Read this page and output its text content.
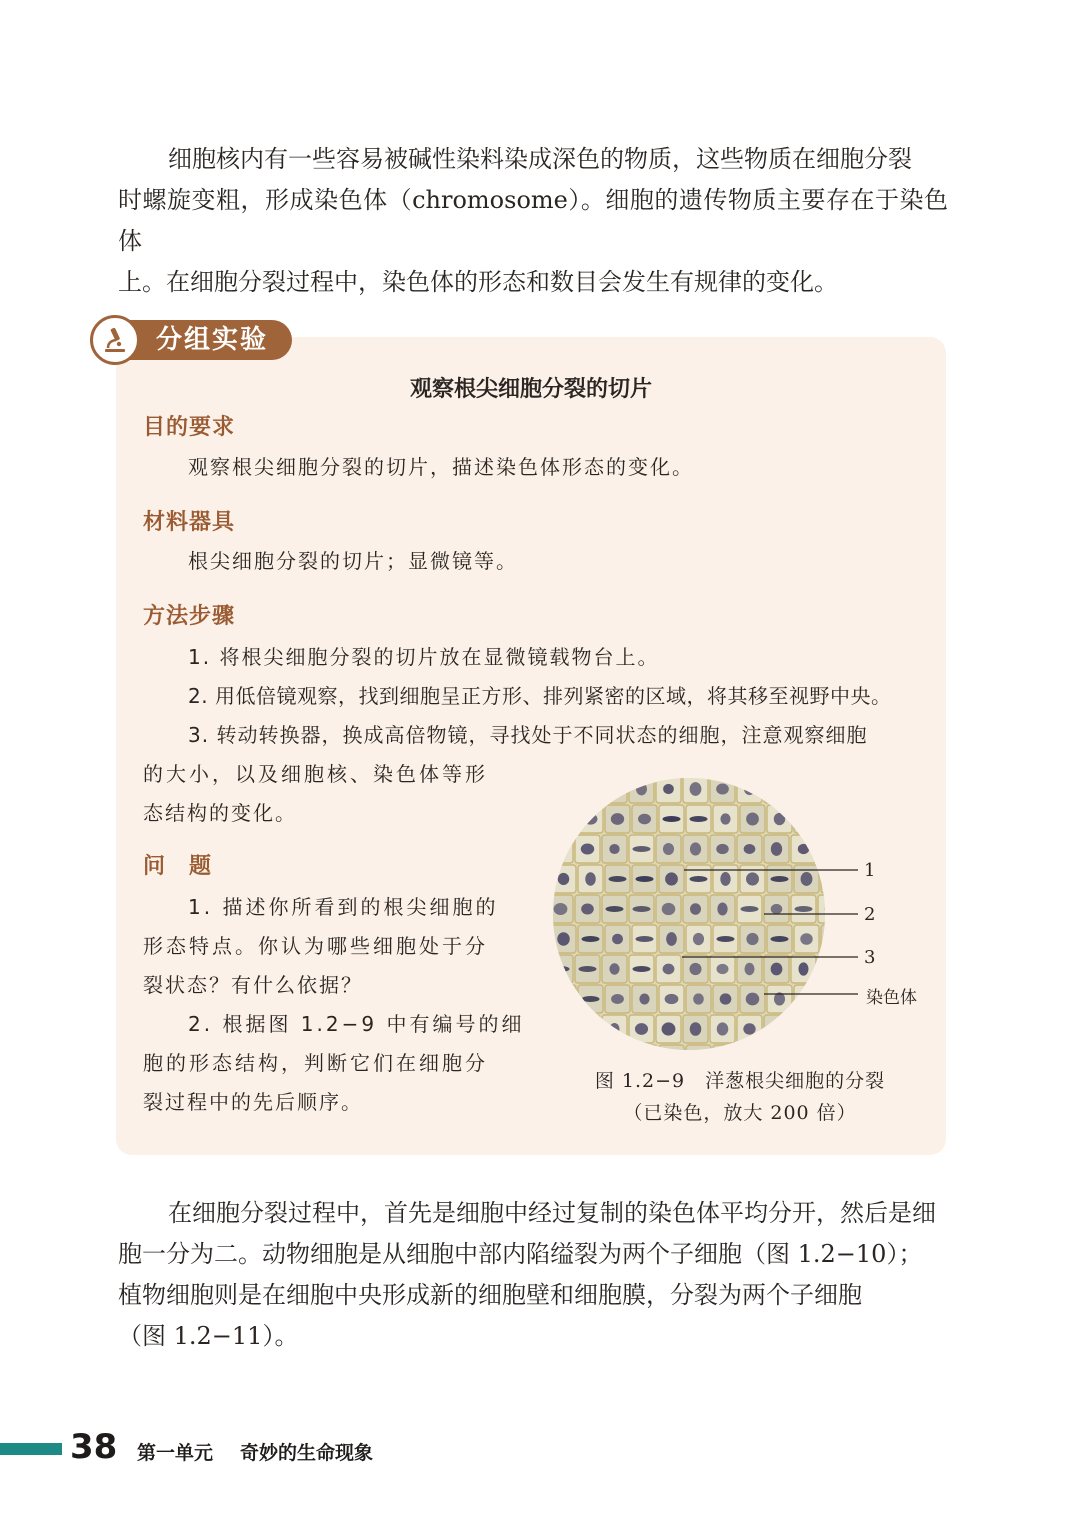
细胞核内有一些容易被碱性染料染成深色的物质，这些物质在细胞分裂
时螺旋变粗，形成染色体（chromosome）。细胞的遗传物质主要存在于染色体
上。在细胞分裂过程中，染色体的形态和数目会发生有规律的变化。
分组实验

观察根尖细胞分裂的切片

目的要求

观察根尖细胞分裂的切片，描述染色体形态的变化。

材料器具

根尖细胞分裂的切片；显微镜等。

方法步骤

1. 将根尖细胞分裂的切片放在显微镜载物台上。

2. 用低倍镜观察，找到细胞呈正方形、排列紧密的区域，将其移至视野中央。

3. 转动转换器，换成高倍物镜，寻找处于不同状态的细胞，注意观察细胞

的大小，以及细胞核、染色体等形

态结构的变化。

问　题

1. 描述你所看到的根尖细胞的

形态特点。你认为哪些细胞处于分

裂状态？有什么依据？

2. 根据图 1.2−9 中有编号的细

胞的形态结构，判断它们在细胞分

裂过程中的先后顺序。

1
2
3
染色体

图 1.2−9　洋葱根尖细胞的分裂

（已染色，放大 200 倍）

在细胞分裂过程中，首先是细胞中经过复制的染色体平均分开，然后是细
胞一分为二。动物细胞是从细胞中部内陷缢裂为两个子细胞（图 1.2−10）；
植物细胞则是在细胞中央形成新的细胞壁和细胞膜，分裂为两个子细胞
（图 1.2−11）。

38 第一单元 奇妙的生命现象
